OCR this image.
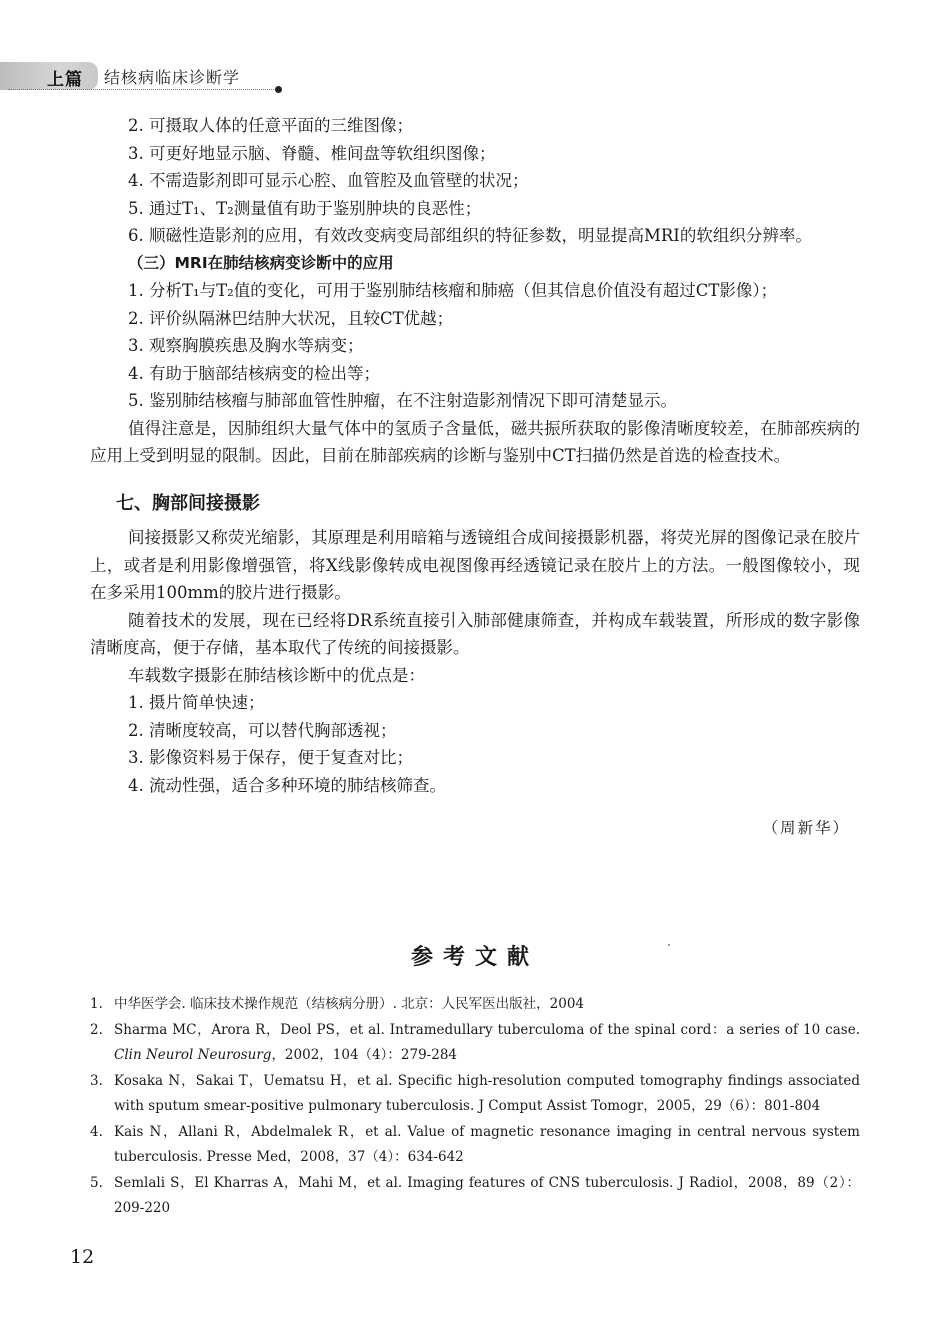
上篇 结核病临床诊断学

2. 可摄取人体的任意平面的三维图像；

3. 可更好地显示脑、脊髓、椎间盘等软组织图像；

4. 不需造影剂即可显示心腔、血管腔及血管壁的状况；

5. 通过T₁、T₂测量值有助于鉴别肿块的良恶性；

6. 顺磁性造影剂的应用，有效改变病变局部组织的特征参数，明显提高MRI的软组织分辨率。

（三）MRI在肺结核病变诊断中的应用

1. 分析T₁与T₂值的变化，可用于鉴别肺结核瘤和肺癌（但其信息价值没有超过CT影像）；

2. 评价纵隔淋巴结肿大状况，且较CT优越；

3. 观察胸膜疾患及胸水等病变；

4. 有助于脑部结核病变的检出等；

5. 鉴别肺结核瘤与肺部血管性肿瘤，在不注射造影剂情况下即可清楚显示。

值得注意是，因肺组织大量气体中的氢质子含量低，磁共振所获取的影像清晰度较差，在肺部疾病的应用上受到明显的限制。因此，目前在肺部疾病的诊断与鉴别中CT扫描仍然是首选的检查技术。

七、胸部间接摄影

间接摄影又称荧光缩影，其原理是利用暗箱与透镜组合成间接摄影机器，将荧光屏的图像记录在胶片上，或者是利用影像增强管，将X线影像转成电视图像再经透镜记录在胶片上的方法。一般图像较小，现在多采用100mm的胶片进行摄影。

随着技术的发展，现在已经将DR系统直接引入肺部健康筛查，并构成车载装置，所形成的数字影像清晰度高，便于存储，基本取代了传统的间接摄影。

车载数字摄影在肺结核诊断中的优点是：

1. 摄片简单快速；

2. 清晰度较高，可以替代胸部透视；

3. 影像资料易于保存，便于复查对比；

4. 流动性强，适合多种环境的肺结核筛查。

（周新华）

参考文献

1. 中华医学会. 临床技术操作规范（结核病分册）. 北京：人民军医出版社，2004

2. Sharma MC，Arora R，Deol PS，et al. Intramedullary tuberculoma of the spinal cord：a series of 10 case. Clin Neurol Neurosurg，2002，104（4）：279-284

3. Kosaka N，Sakai T，Uematsu H，et al. Specific high-resolution computed tomography findings associated with sputum smear-positive pulmonary tuberculosis. J Comput Assist Tomogr，2005，29（6）：801-804

4. Kais N，Allani R，Abdelmalek R，et al. Value of magnetic resonance imaging in central nervous system tuberculosis. Presse Med，2008，37（4）：634-642

5. Semlali S，El Kharras A，Mahi M，et al. Imaging features of CNS tuberculosis. J Radiol，2008，89（2）：209-220

12
